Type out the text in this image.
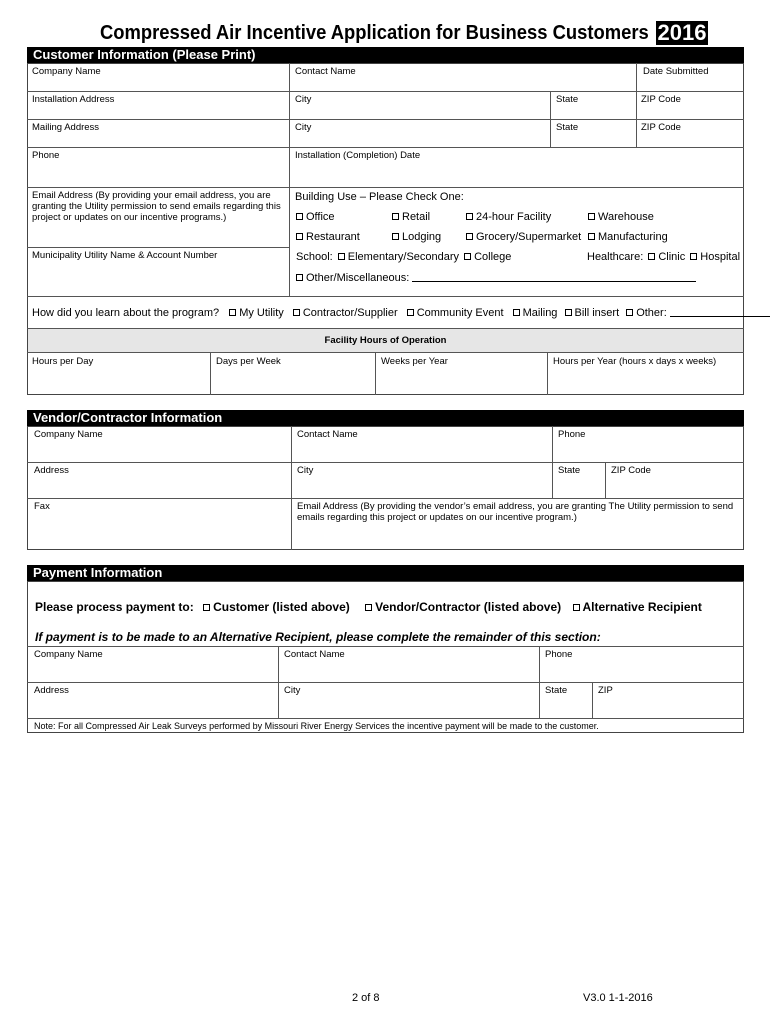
Compressed Air Incentive Application for Business Customers 2016
Customer Information (Please Print)
Company Name	Contact Name	Date Submitted
Installation Address	City	State	ZIP Code
Mailing Address	City	State	ZIP Code
Phone	Installation (Completion) Date
Email Address (By providing your email address, you are granting the Utility permission to send emails regarding this project or updates on our incentive programs.)
Municipality Utility Name & Account Number
Building Use – Please Check One:
Office	Retail	24-hour Facility	Warehouse
Restaurant	Lodging	Grocery/Supermarket	Manufacturing
School: Elementary/Secondary College	Healthcare: Clinic Hospital
Other/Miscellaneous:
How did you learn about the program? My Utility Contractor/Supplier Community Event Mailing Bill insert Other:
Facility Hours of Operation
Hours per Day	Days per Week	Weeks per Year	Hours per Year (hours x days x weeks)
Vendor/Contractor Information
Company Name	Contact Name	Phone
Address	City	State	ZIP Code
Fax	Email Address (By providing the vendor’s email address, you are granting The Utility permission to send emails regarding this project or updates on our incentive program.)
Payment Information
Please process payment to: Customer (listed above) Vendor/Contractor (listed above) Alternative Recipient
If payment is to be made to an Alternative Recipient, please complete the remainder of this section:
Company Name	Contact Name	Phone
Address	City	State	ZIP
Note: For all Compressed Air Leak Surveys performed by Missouri River Energy Services the incentive payment will be made to the customer.
2 of 8	V3.0 1-1-2016
